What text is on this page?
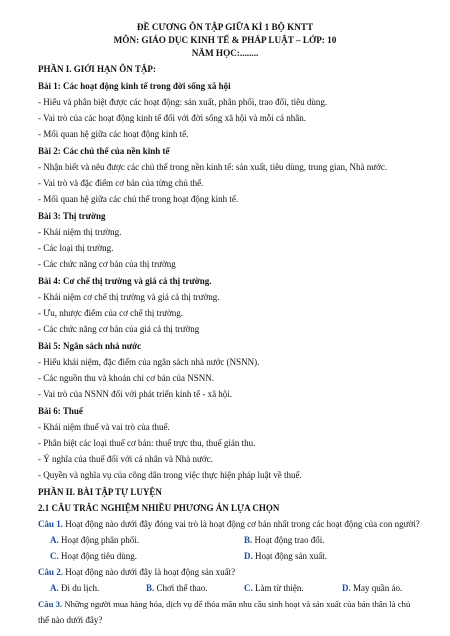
ĐỀ CƯƠNG ÔN TẬP GIỮA KÌ 1 BỘ KNTT
MÔN: GIÁO DỤC KINH TẾ & PHÁP LUẬT – LỚP: 10
NĂM HỌC:........
PHẦN I. GIỚI HẠN ÔN TẬP:
Bài 1: Các hoạt động kinh tế trong đời sống xã hội
- Hiểu và phân biệt được các hoạt động: sản xuất, phân phối, trao đổi, tiêu dùng.
- Vai trò của các hoạt động kinh tế đối với đời sống xã hội và mỗi cá nhân.
- Mối quan hệ giữa các hoạt động kinh tế.
Bài 2: Các chủ thể của nền kinh tế
- Nhận biết và nêu được các chủ thể trong nền kinh tế: sản xuất, tiêu dùng, trung gian, Nhà nước.
- Vai trò và đặc điểm cơ bản của từng chủ thể.
- Mối quan hệ giữa các chủ thể trong hoạt động kinh tế.
Bài 3: Thị trường
- Khái niệm thị trường.
- Các loại thị trường.
- Các chức năng cơ bản của thị trường
Bài 4: Cơ chế thị trường và giá cả thị trường.
- Khái niệm cơ chế thị trường và giá cả thị trường.
- Ưu, nhược điểm của cơ chế thị trường.
- Các chức năng cơ bản của giá cả thị trường
Bài 5: Ngân sách nhà nước
- Hiểu khái niệm, đặc điểm của ngân sách nhà nước (NSNN).
- Các nguồn thu và khoản chi cơ bản của NSNN.
- Vai trò của NSNN đối với phát triển kinh tế - xã hội.
Bài 6: Thuế
- Khái niệm thuế và vai trò của thuế.
- Phân biệt các loại thuế cơ bản: thuế trực thu, thuế gián thu.
- Ý nghĩa của thuế đối với cá nhân và Nhà nước.
- Quyền và nghĩa vụ của công dân trong việc thực hiện pháp luật về thuế.
PHẦN II. BÀI TẬP TỰ LUYỆN
2.1 CÂU TRẮC NGHIỆM NHIỀU PHƯƠNG ÁN LỰA CHỌN
Câu 1. Hoạt động nào dưới đây đóng vai trò là hoạt động cơ bản nhất trong các hoạt động của con người?
A. Hoạt động phân phối.	B. Hoạt động trao đổi.
C. Hoạt động tiêu dùng.	D. Hoạt động sản xuất.
Câu 2. Hoạt động nào dưới đây là hoạt động sản xuất?
A. Đi du lịch.	B. Chơi thể thao.	C. Làm từ thiện.	D. May quần áo.
Câu 3. Những người mua hàng hóa, dịch vụ để thỏa mãn nhu cầu sinh hoạt và sản xuất của bản thân là chủ
thể nào dưới đây?
